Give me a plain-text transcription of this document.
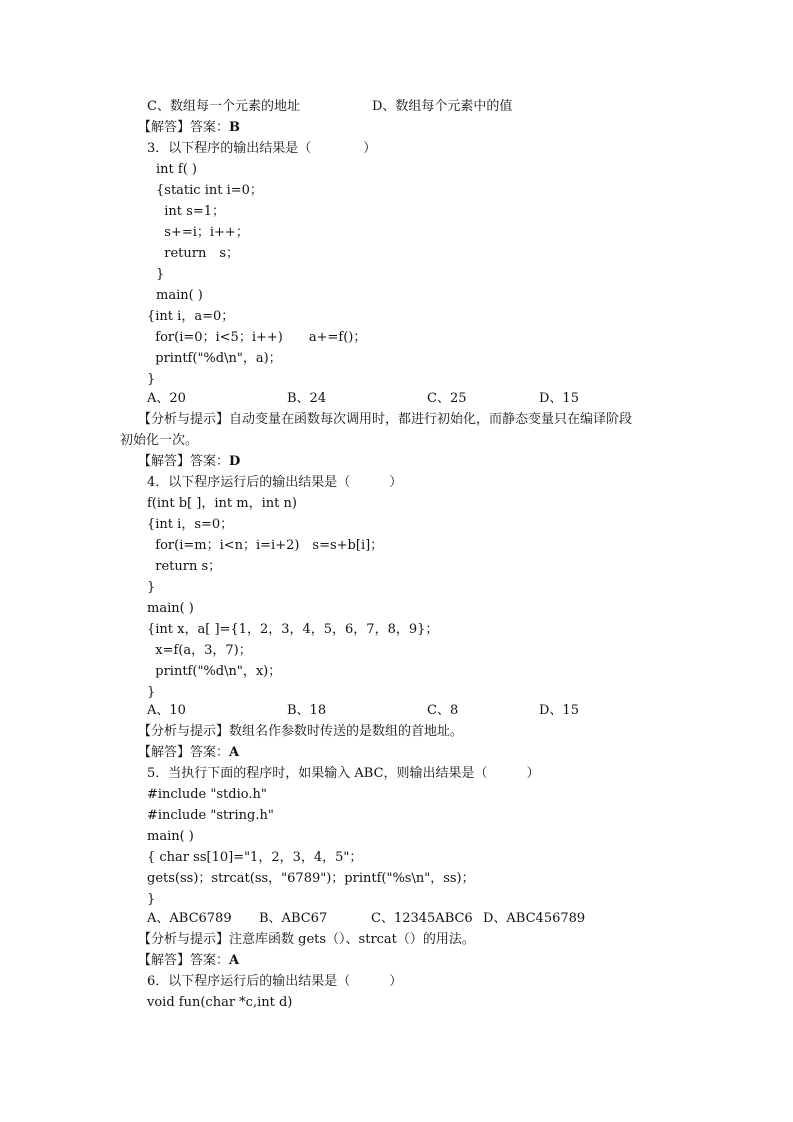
C、数组每一个元素的地址	D、数组每个元素中的值
【解答】答案：B
3．以下程序的输出结果是（　　　　）
int f( )
{static int i=0；
int s=1；
s+=i；i++；
return　s；
}
main( )
{int i，a=0；
for(i=0；i<5；i++)　　a+=f()；
printf("%d\n"，a)；
}
A、20	B、24	C、25	D、15
【分析与提示】自动变量在函数每次调用时，都进行初始化，而静态变量只在编译阶段
初始化一次。
【解答】答案：D
4．以下程序运行后的输出结果是（　　　）
f(int b[ ]，int m，int n)
{int i，s=0；
for(i=m；i<n；i=i+2)　s=s+b[i]；
return s；
}
main( )
{int x，a[ ]={1，2，3，4，5，6，7，8，9}；
x=f(a，3，7)；
printf("%d\n"，x)；
}
A、10	B、18	C、8	D、15
【分析与提示】数组名作参数时传送的是数组的首地址。
【解答】答案：A
5．当执行下面的程序时，如果输入 ABC，则输出结果是（　　　）
#include "stdio.h"
#include "string.h"
main( )
{ char ss[10]="1，2，3，4，5"；
gets(ss)；strcat(ss，"6789")；printf("%s\n"，ss)；
}
A、ABC6789 B、ABC67	C、12345ABC6 D、ABC456789
【分析与提示】注意库函数 gets（）、strcat（）的用法。
【解答】答案：A
6．以下程序运行后的输出结果是（　　　）
void fun(char *c,int d)
